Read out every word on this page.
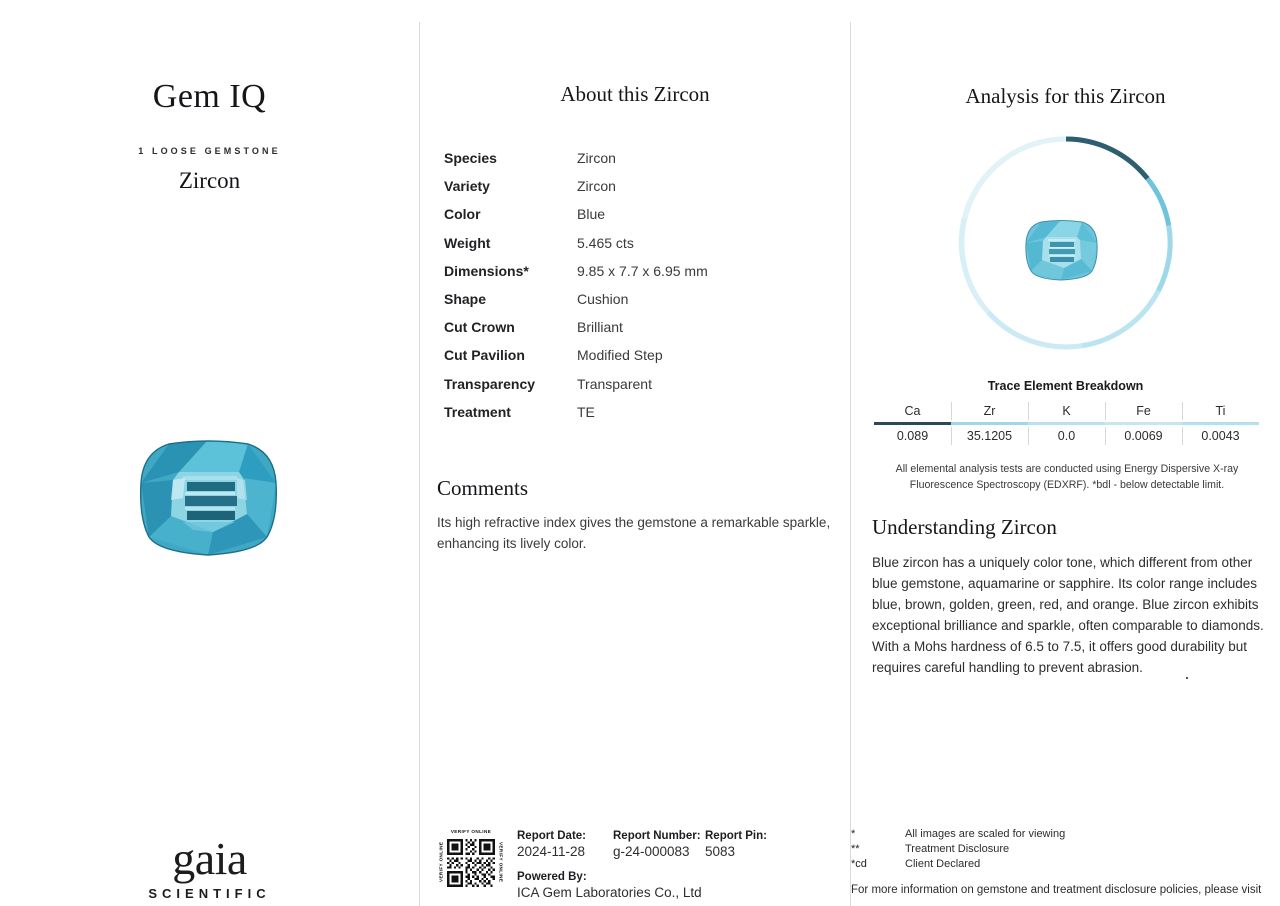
Gem IQ
1 LOOSE GEMSTONE
Zircon
gaia
SCIENTIFIC
About this Zircon
Species	Zircon
Variety	Zircon
Color	Blue
Weight	5.465 cts
Dimensions*	9.85 x 7.7 x 6.95 mm
Shape	Cushion
Cut Crown	Brilliant
Cut Pavilion	Modified Step
Transparency	Transparent
Treatment	TE
Comments
Its high refractive index gives the gemstone a remarkable sparkle, enhancing its lively color.
VERIFY ONLINE
VERIFY ONLINE	VERIFY ONLINE
Report Date:	Report Number: Report Pin:
2024-11-28	g-24-000083	5083
Powered By:
ICA Gem Laboratories Co., Ltd
Analysis for this Zircon
Trace Element Breakdown
Ca	Zr	K	Fe	Ti
0.089	35.1205	0.0	0.0069	0.0043
All elemental analysis tests are conducted using Energy Dispersive X-ray Fluorescence Spectroscopy (EDXRF). *bdl - below detectable limit.
Understanding Zircon
Blue zircon has a uniquely color tone, which different from other blue gemstone, aquamarine or sapphire. Its color range includes blue, brown, golden, green, red, and orange. Blue zircon exhibits exceptional brilliance and sparkle, often comparable to diamonds. With a Mohs hardness of 6.5 to 7.5, it offers good durability but requires careful handling to prevent abrasion.
*	All images are scaled for viewing
**	Treatment Disclosure
*cd	Client Declared
For more information on gemstone and treatment disclosure policies, please visit
